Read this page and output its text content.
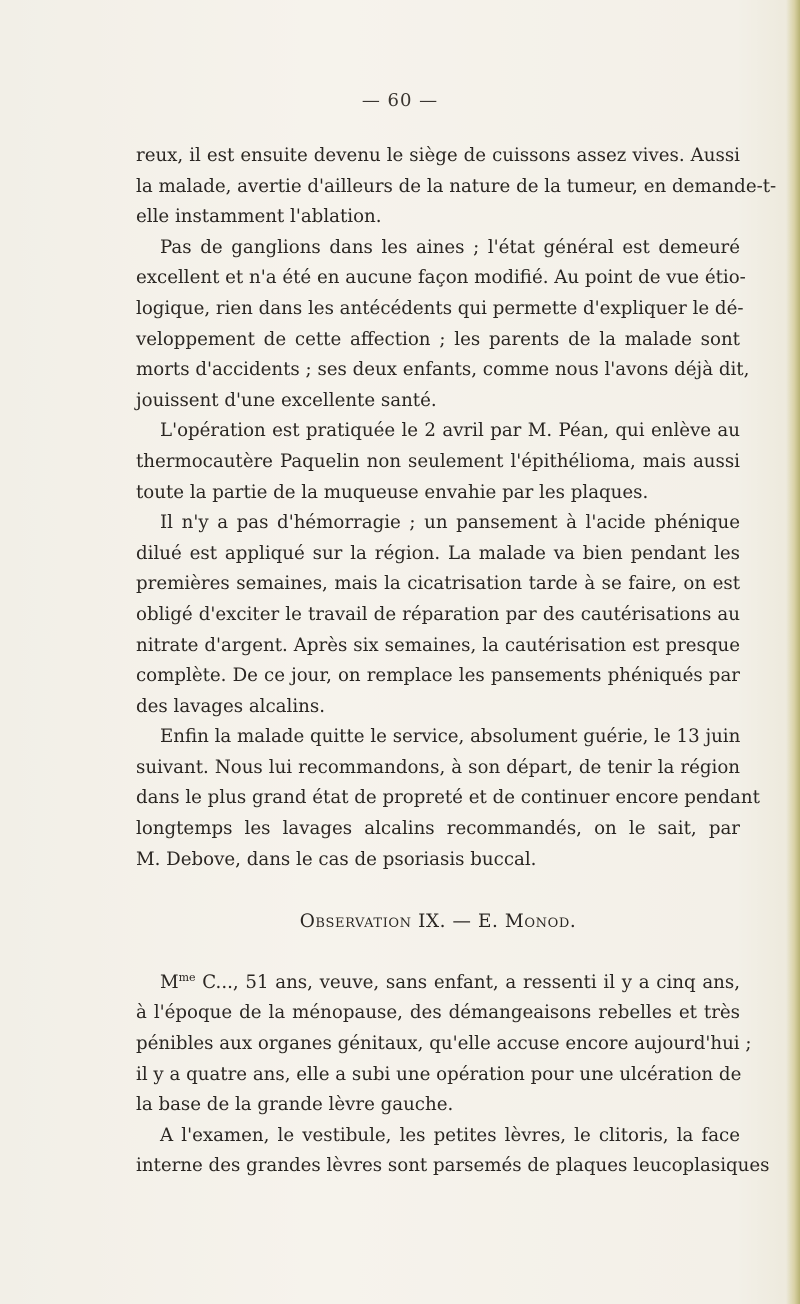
— 60 —
reux, il est ensuite devenu le siège de cuissons assez vives. Aussi
la malade, avertie d'ailleurs de la nature de la tumeur, en demande-t-
elle instamment l'ablation.
Pas de ganglions dans les aines ; l'état général est demeuré
excellent et n'a été en aucune façon modifié. Au point de vue étio-
logique, rien dans les antécédents qui permette d'expliquer le dé-
veloppement de cette affection ; les parents de la malade sont
morts d'accidents ; ses deux enfants, comme nous l'avons déjà dit,
jouissent d'une excellente santé.
L'opération est pratiquée le 2 avril par M. Péan, qui enlève au
thermocautère Paquelin non seulement l'épithélioma, mais aussi
toute la partie de la muqueuse envahie par les plaques.
Il n'y a pas d'hémorragie ; un pansement à l'acide phénique
dilué est appliqué sur la région. La malade va bien pendant les
premières semaines, mais la cicatrisation tarde à se faire, on est
obligé d'exciter le travail de réparation par des cautérisations au
nitrate d'argent. Après six semaines, la cautérisation est presque
complète. De ce jour, on remplace les pansements phéniqués par
des lavages alcalins.
Enfin la malade quitte le service, absolument guérie, le 13 juin
suivant. Nous lui recommandons, à son départ, de tenir la région
dans le plus grand état de propreté et de continuer encore pendant
longtemps les lavages alcalins recommandés, on le sait, par
M. Debove, dans le cas de psoriasis buccal.
Observation IX. — E. Monod.
$M^{me}$ C..., 51 ans, veuve, sans enfant, a ressenti il y a cinq ans,
à l'époque de la ménopause, des démangeaisons rebelles et très
pénibles aux organes génitaux, qu'elle accuse encore aujourd'hui ;
il y a quatre ans, elle a subi une opération pour une ulcération de
la base de la grande lèvre gauche.
A l'examen, le vestibule, les petites lèvres, le clitoris, la face
interne des grandes lèvres sont parsemés de plaques leucoplasiques
